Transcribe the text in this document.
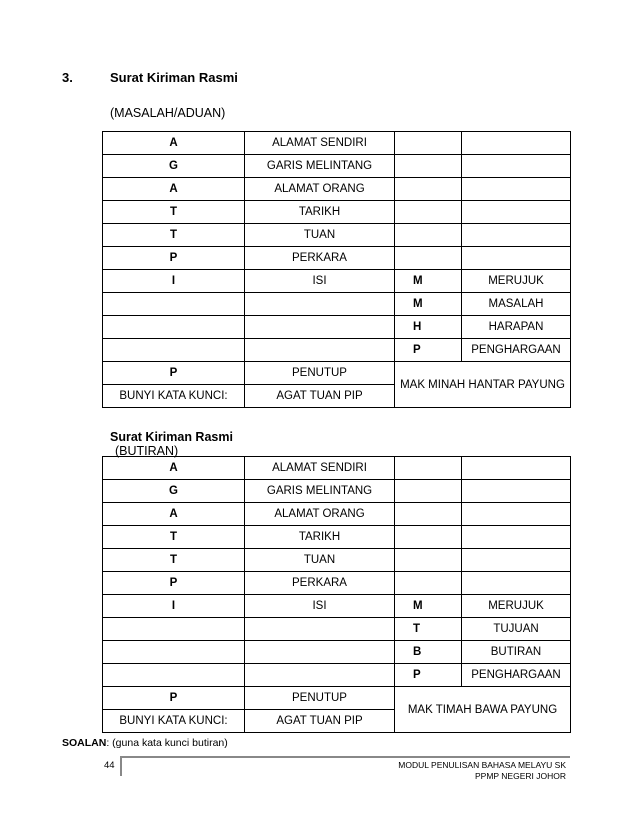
3.	Surat Kiriman Rasmi
(MASALAH/ADUAN)
A	ALAMAT SENDIRI		
G	GARIS MELINTANG		
A	ALAMAT ORANG		
T	TARIKH		
T	TUAN		
P	PERKARA		
I	ISI	M	MERUJUK
		M	MASALAH
		H	HARAPAN
		P	PENGHARGAAN
P	PENUTUP	MAK MINAH HANTAR PAYUNG	
BUNYI KATA KUNCI:	AGAT TUAN PIP		
Surat Kiriman Rasmi
(BUTIRAN)
A	ALAMAT SENDIRI		
G	GARIS MELINTANG		
A	ALAMAT ORANG		
T	TARIKH		
T	TUAN		
P	PERKARA		
I	ISI	M	MERUJUK
		T	TUJUAN
		B	BUTIRAN
		P	PENGHARGAAN
P	PENUTUP	MAK TIMAH BAWA PAYUNG	
BUNYI KATA KUNCI:	AGAT TUAN PIP		
SOALAN: (guna kata kunci butiran)
44	MODUL PENULISAN BAHASA MELAYU SK
PPMP NEGERI JOHOR
